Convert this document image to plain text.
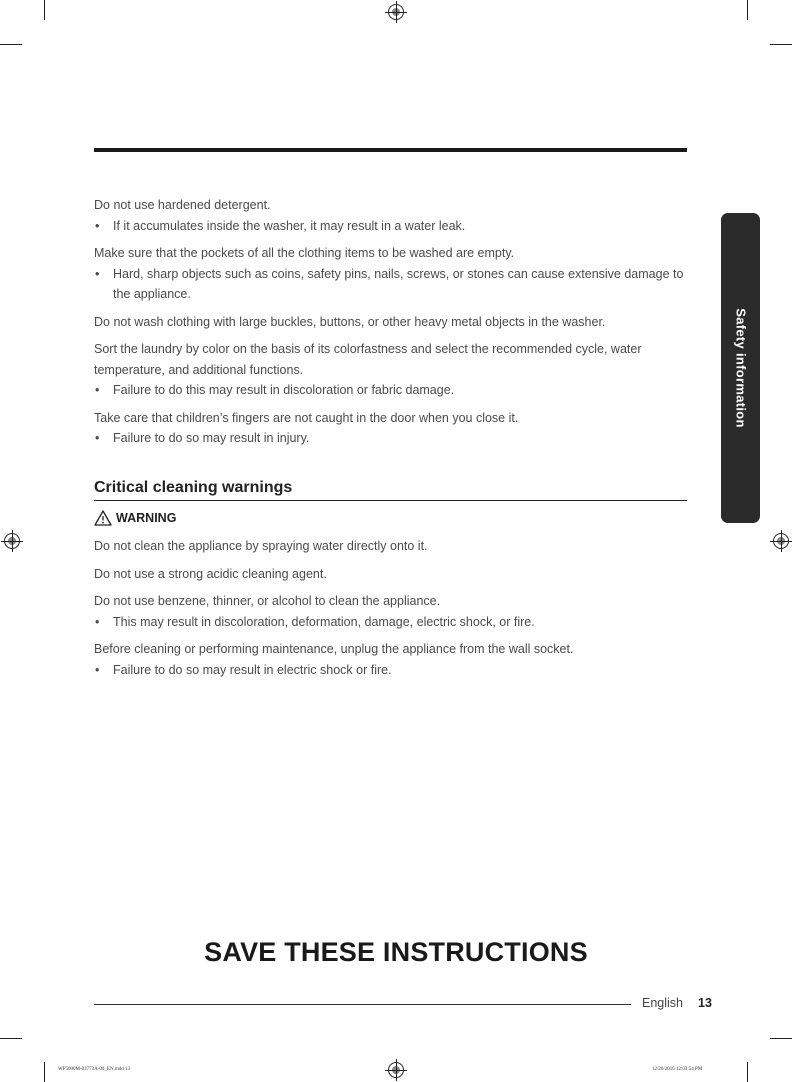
Safety information

Do not use hardened detergent.

• If it accumulates inside the washer, it may result in a water leak.

Make sure that the pockets of all the clothing items to be washed are empty.

• Hard, sharp objects such as coins, safety pins, nails, screws, or stones can cause extensive damage to the appliance.

Do not wash clothing with large buckles, buttons, or other heavy metal objects in the washer.

Sort the laundry by color on the basis of its colorfastness and select the recommended cycle, water temperature, and additional functions.

• Failure to do this may result in discoloration or fabric damage.

Take care that children’s fingers are not caught in the door when you close it.

• Failure to do so may result in injury.

Critical cleaning warnings
WARNING

Do not clean the appliance by spraying water directly onto it.

Do not use a strong acidic cleaning agent.

Do not use benzene, thinner, or alcohol to clean the appliance.

• This may result in discoloration, deformation, damage, electric shock, or fire.

Before cleaning or performing maintenance, unplug the appliance from the wall socket.

• Failure to do so may result in electric shock or fire.

SAVE THESE INSTRUCTIONS
English 13
WF5000M-03773A-00_EN.indd 13	12/20/2016 12:03:54 PM
